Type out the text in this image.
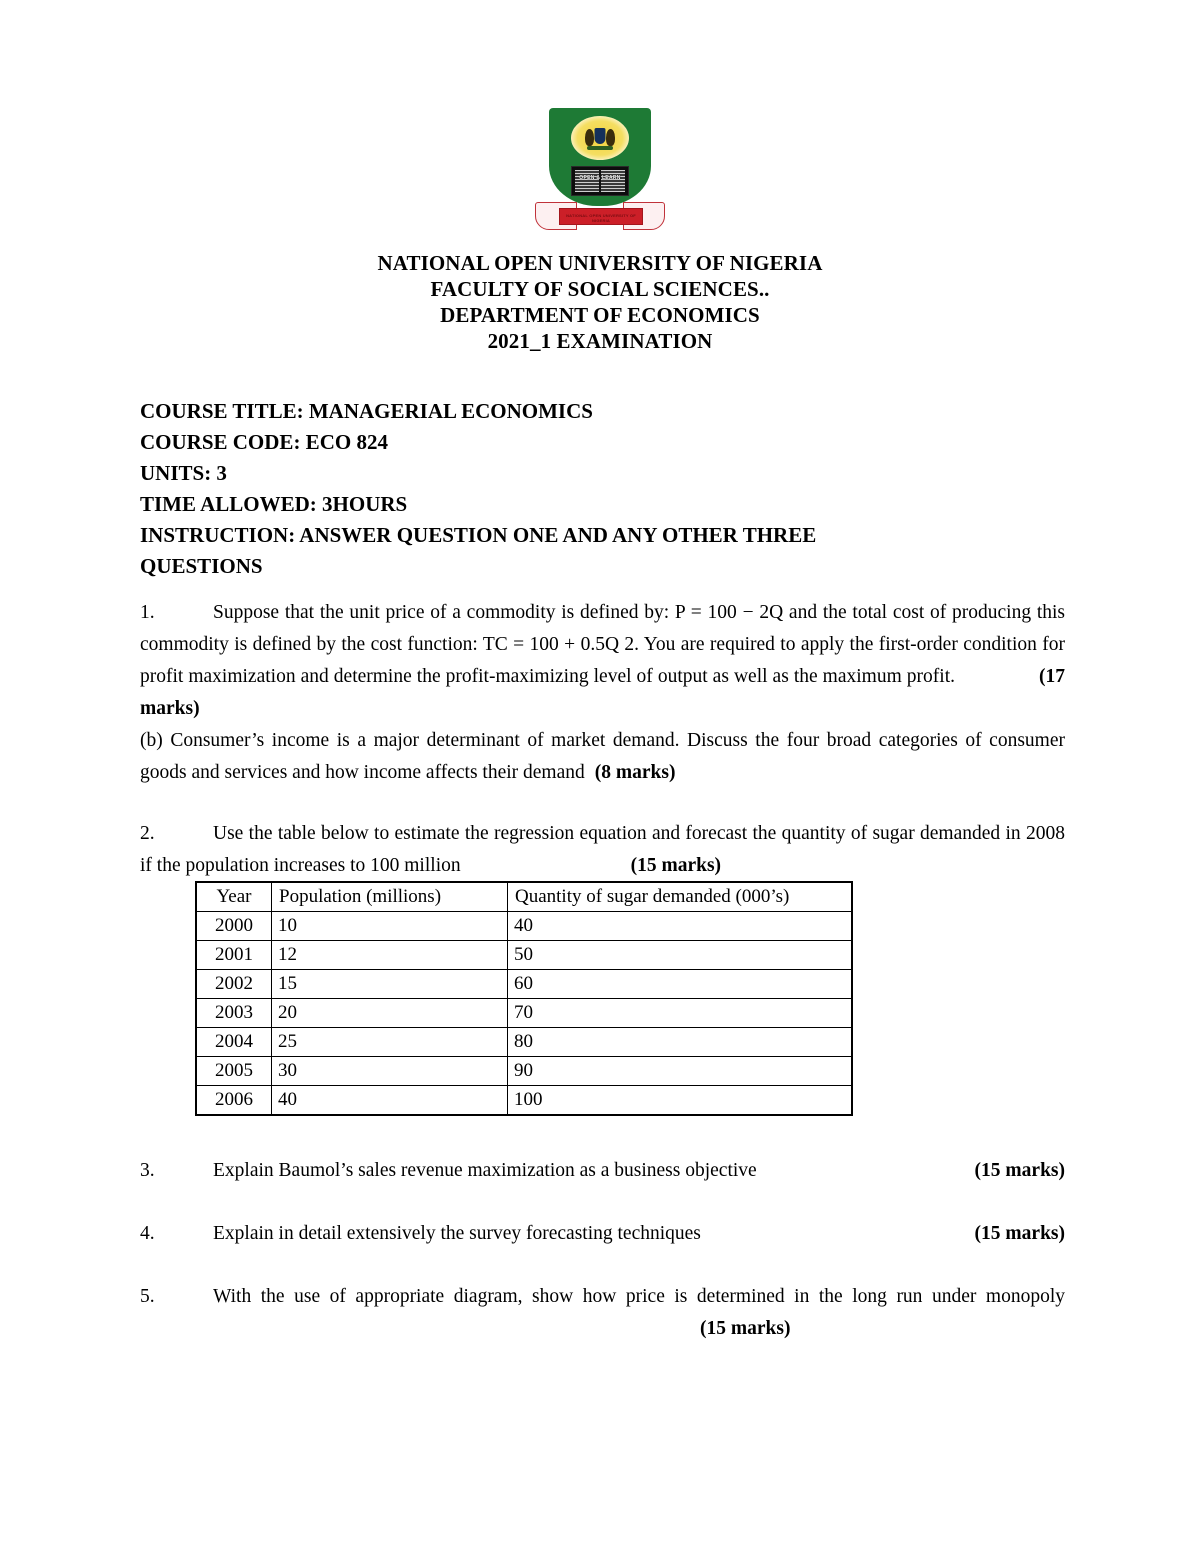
OPEN & LEARN
NATIONAL OPEN UNIVERSITY OF NIGERIA
NATIONAL OPEN UNIVERSITY OF NIGERIA
FACULTY OF SOCIAL SCIENCES..
DEPARTMENT OF ECONOMICS
2021_1 EXAMINATION
COURSE TITLE: MANAGERIAL ECONOMICS
COURSE CODE: ECO 824
UNITS: 3
TIME ALLOWED: 3HOURS
INSTRUCTION: ANSWER QUESTION ONE AND ANY OTHER THREE
QUESTIONS

1.	Suppose that the unit price of a commodity is defined by: P = 100 − 2Q and the total cost of producing this commodity is defined by the cost function: TC = 100 + 0.5Q 2. You are required to apply the first-order condition for profit maximization and determine the profit-maximizing level of output as well as the maximum profit.	(17 marks)

(b) Consumer’s income is a major determinant of market demand. Discuss the four broad categories of consumer goods and services and how income affects their demand (8 marks)

2.	Use the table below to estimate the regression equation and forecast the quantity of sugar demanded in 2008 if the population increases to 100 million	(15 marks)

Year	Population (millions)	Quantity of sugar demanded (000’s)
2000	10	40
2001	12	50
2002	15	60
2003	20	70
2004	25	80
2005	30	90
2006	40	100
3.	Explain Baumol’s sales revenue maximization as a business objective	(15 marks)
4.	Explain in detail extensively the survey forecasting techniques	(15 marks)

5.	With the use of appropriate diagram, show how price is determined in the long run under monopoly(15 marks)
